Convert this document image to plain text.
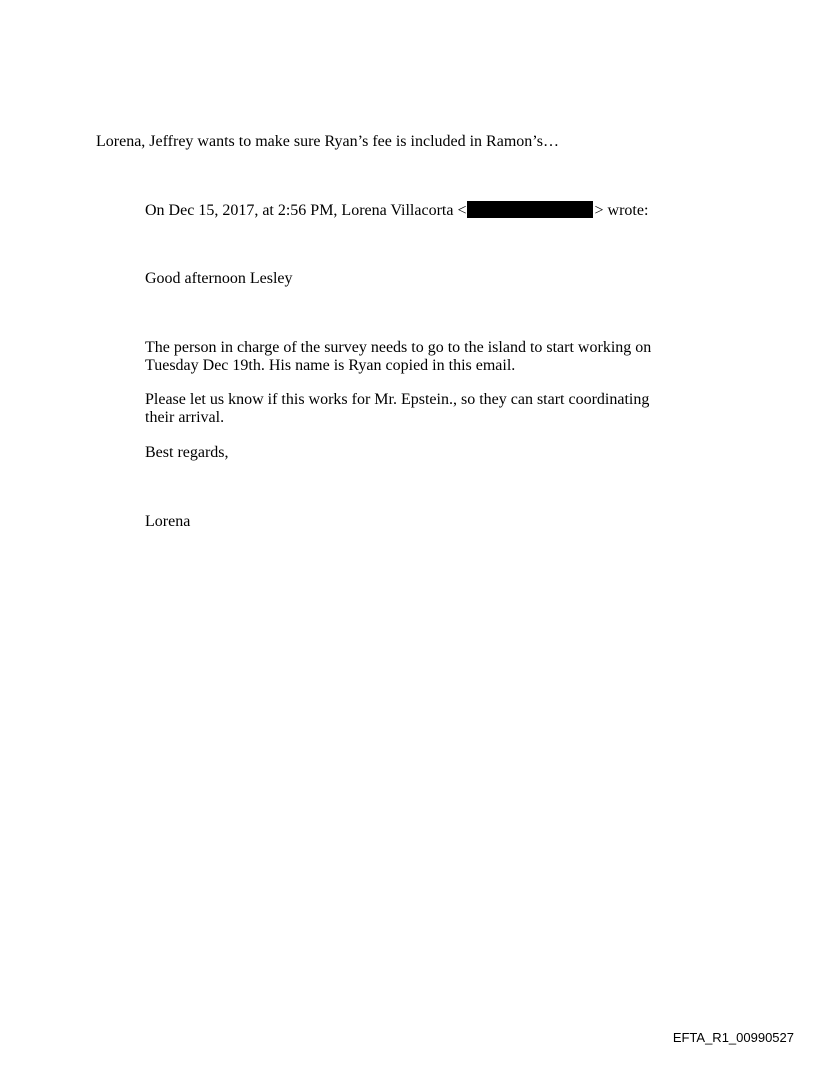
Lorena, Jeffrey wants to make sure Ryan’s fee is included in Ramon’s…
On Dec 15, 2017, at 2:56 PM, Lorena Villacorta <	> wrote:
Good afternoon Lesley
The person in charge of the survey needs to go to the island to start working on Tuesday Dec 19th. His name is Ryan copied in this email.
Please let us know if this works for Mr. Epstein., so they can start coordinating their arrival.
Best regards,
Lorena
EFTA_R1_00990527
